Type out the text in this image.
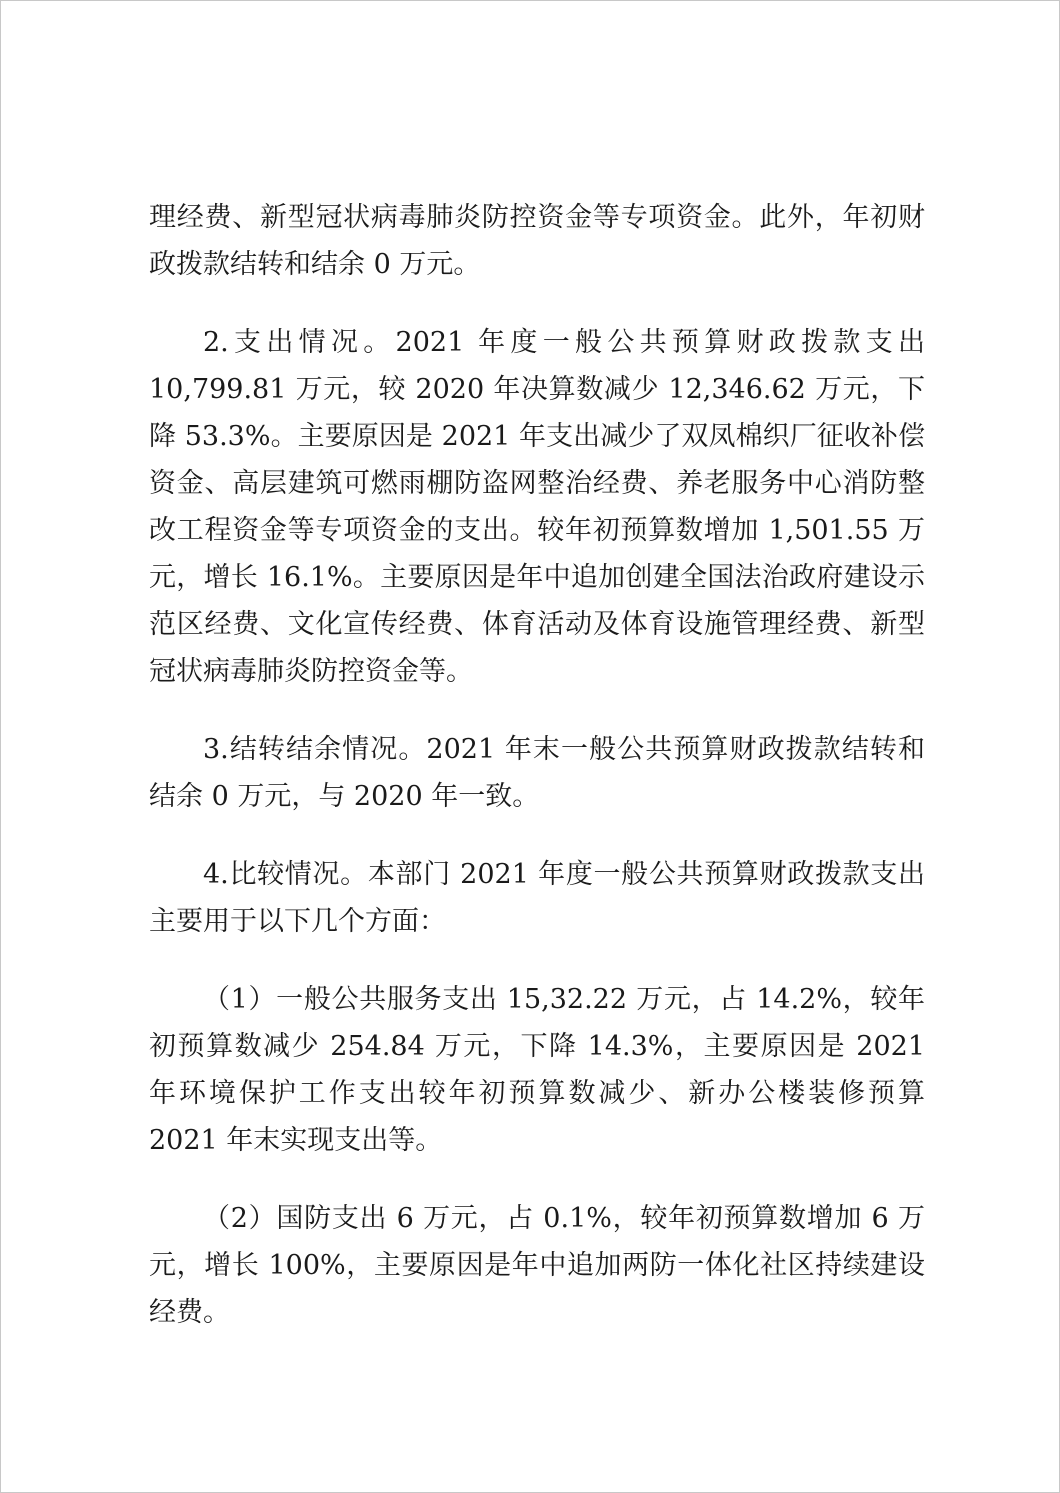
理经费、新型冠状病毒肺炎防控资金等专项资金。此外，年初财政拨款结转和结余 0 万元。

2.支出情况。2021 年度一般公共预算财政拨款支出 10,799.81 万元，较 2020 年决算数减少 12,346.62 万元，下降 53.3%。主要原因是 2021 年支出减少了双凤棉织厂征收补偿资金、高层建筑可燃雨棚防盗网整治经费、养老服务中心消防整改工程资金等专项资金的支出。较年初预算数增加 1,501.55 万元，增长 16.1%。主要原因是年中追加创建全国法治政府建设示范区经费、文化宣传经费、体育活动及体育设施管理经费、新型冠状病毒肺炎防控资金等。

3.结转结余情况。2021 年末一般公共预算财政拨款结转和结余 0 万元，与 2020 年一致。

4.比较情况。本部门 2021 年度一般公共预算财政拨款支出主要用于以下几个方面：

（1）一般公共服务支出 15,32.22 万元，占 14.2%，较年初预算数减少 254.84 万元，下降 14.3%，主要原因是 2021 年环境保护工作支出较年初预算数减少、新办公楼装修预算 2021 年末实现支出等。

（2）国防支出 6 万元，占 0.1%，较年初预算数增加 6 万元，增长 100%，主要原因是年中追加两防一体化社区持续建设经费。
